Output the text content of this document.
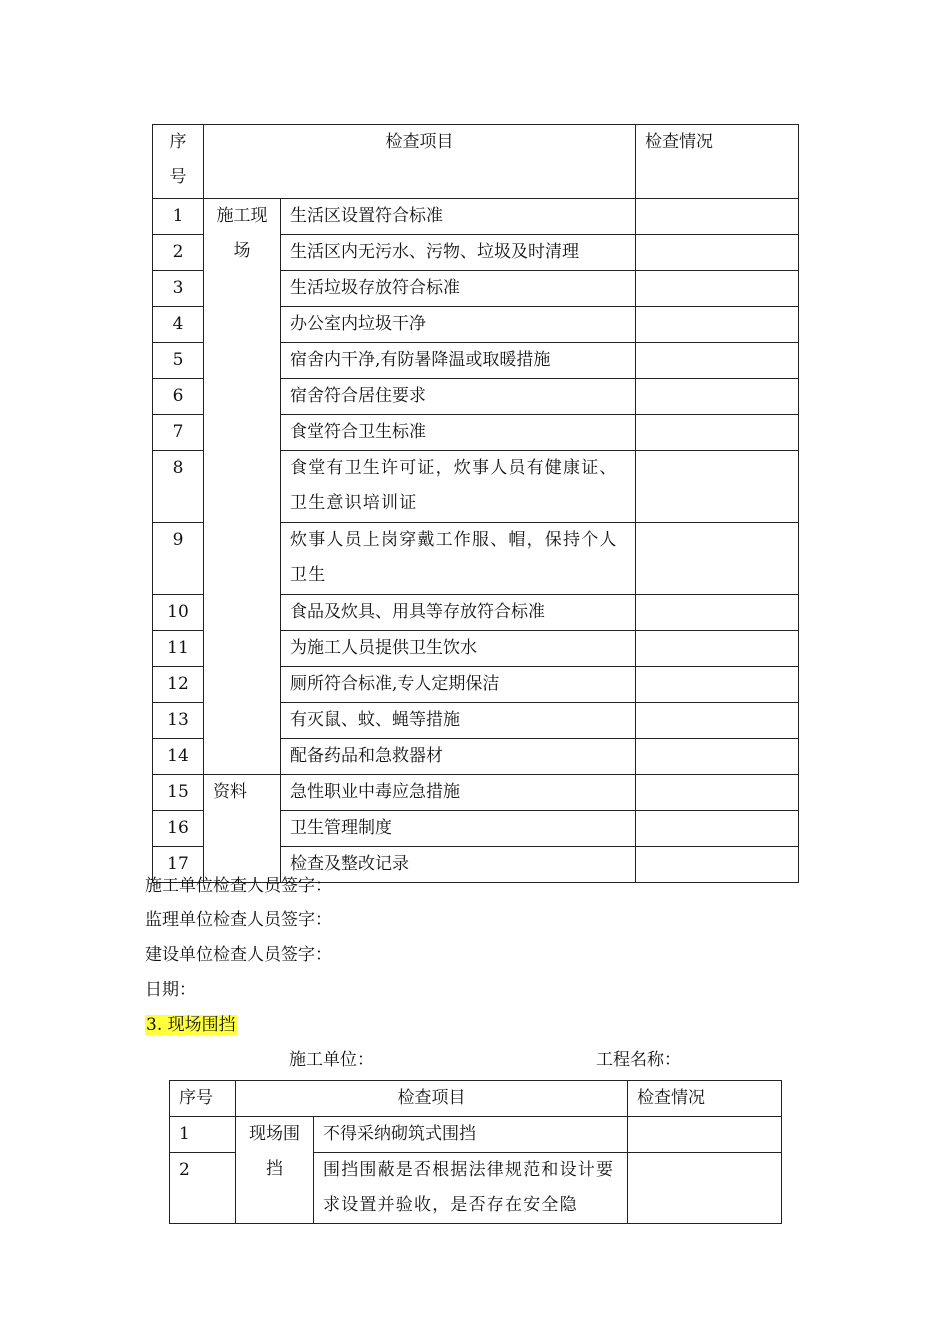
序号	检查项目		检查情况
1	施工现场	生活区设置符合标准	
2		生活区内无污水、污物、垃圾及时清理	
3		生活垃圾存放符合标准	
4		办公室内垃圾干净	
5		宿舍内干净,有防暑降温或取暖措施	
6		宿舍符合居住要求	
7		食堂符合卫生标准	
8		食堂有卫生许可证，炊事人员有健康证、卫生意识培训证	
9		炊事人员上岗穿戴工作服、帽，保持个人卫生	
10		食品及炊具、用具等存放符合标准	
11		为施工人员提供卫生饮水	
12		厕所符合标准,专人定期保洁	
13		有灭鼠、蚊、蝇等措施	
14		配备药品和急救器材	
15	资料	急性职业中毒应急措施	
16		卫生管理制度	
17		检查及整改记录	
施工单位检查人员签字：
监理单位检查人员签字：
建设单位检查人员签字：
日期：
3. 现场围挡
施工单位：	工程名称：
序号	检查项目		检查情况
1	现场围挡	不得采纳砌筑式围挡	
2		围挡围蔽是否根据法律规范和设计要求设置并验收，是否存在安全隐	
